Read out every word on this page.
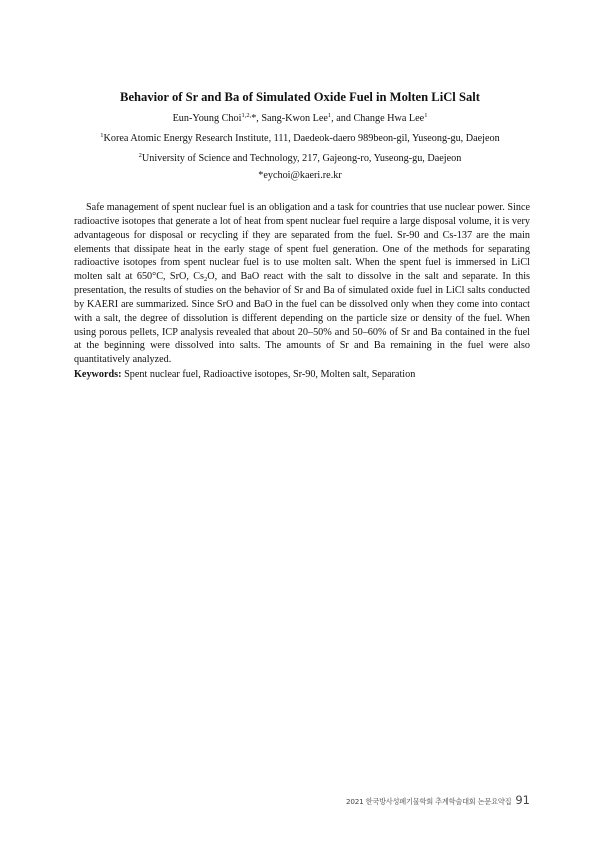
Behavior of Sr and Ba of Simulated Oxide Fuel in Molten LiCl Salt
Eun-Young Choi$^{1,2,}$*, Sang-Kwon Lee$^1$, and Change Hwa Lee$^1$
$^1$Korea Atomic Energy Research Institute, 111, Daedeok-daero 989beon-gil, Yuseong-gu, Daejeon
$^2$University of Science and Technology, 217, Gajeong-ro, Yuseong-gu, Daejeon
*eychoi@kaeri.re.kr

Safe management of spent nuclear fuel is an obligation and a task for countries that use nuclear power. Since radioactive isotopes that generate a lot of heat from spent nuclear fuel require a large disposal volume, it is very advantageous for disposal or recycling if they are separated from the fuel. Sr-90 and Cs-137 are the main elements that dissipate heat in the early stage of spent fuel generation. One of the methods for separating radioactive isotopes from spent nuclear fuel is to use molten salt. When the spent fuel is immersed in LiCl molten salt at 650°C, SrO, $Cs_2O$, and BaO react with the salt to dissolve in the salt and separate. In this presentation, the results of studies on the behavior of Sr and Ba of simulated oxide fuel in LiCl salts conducted by KAERI are summarized. Since SrO and BaO in the fuel can be dissolved only when they come into contact with a salt, the degree of dissolution is different depending on the particle size or density of the fuel. When using porous pellets, ICP analysis revealed that about 20–50% and 50–60% of Sr and Ba contained in the fuel at the beginning were dissolved into salts. The amounts of Sr and Ba remaining in the fuel were also quantitatively analyzed.

Keywords: Spent nuclear fuel, Radioactive isotopes, Sr-90, Molten salt, Separation

2021 한국방사성폐기물학회 추계학술대회 논문요약집 91
